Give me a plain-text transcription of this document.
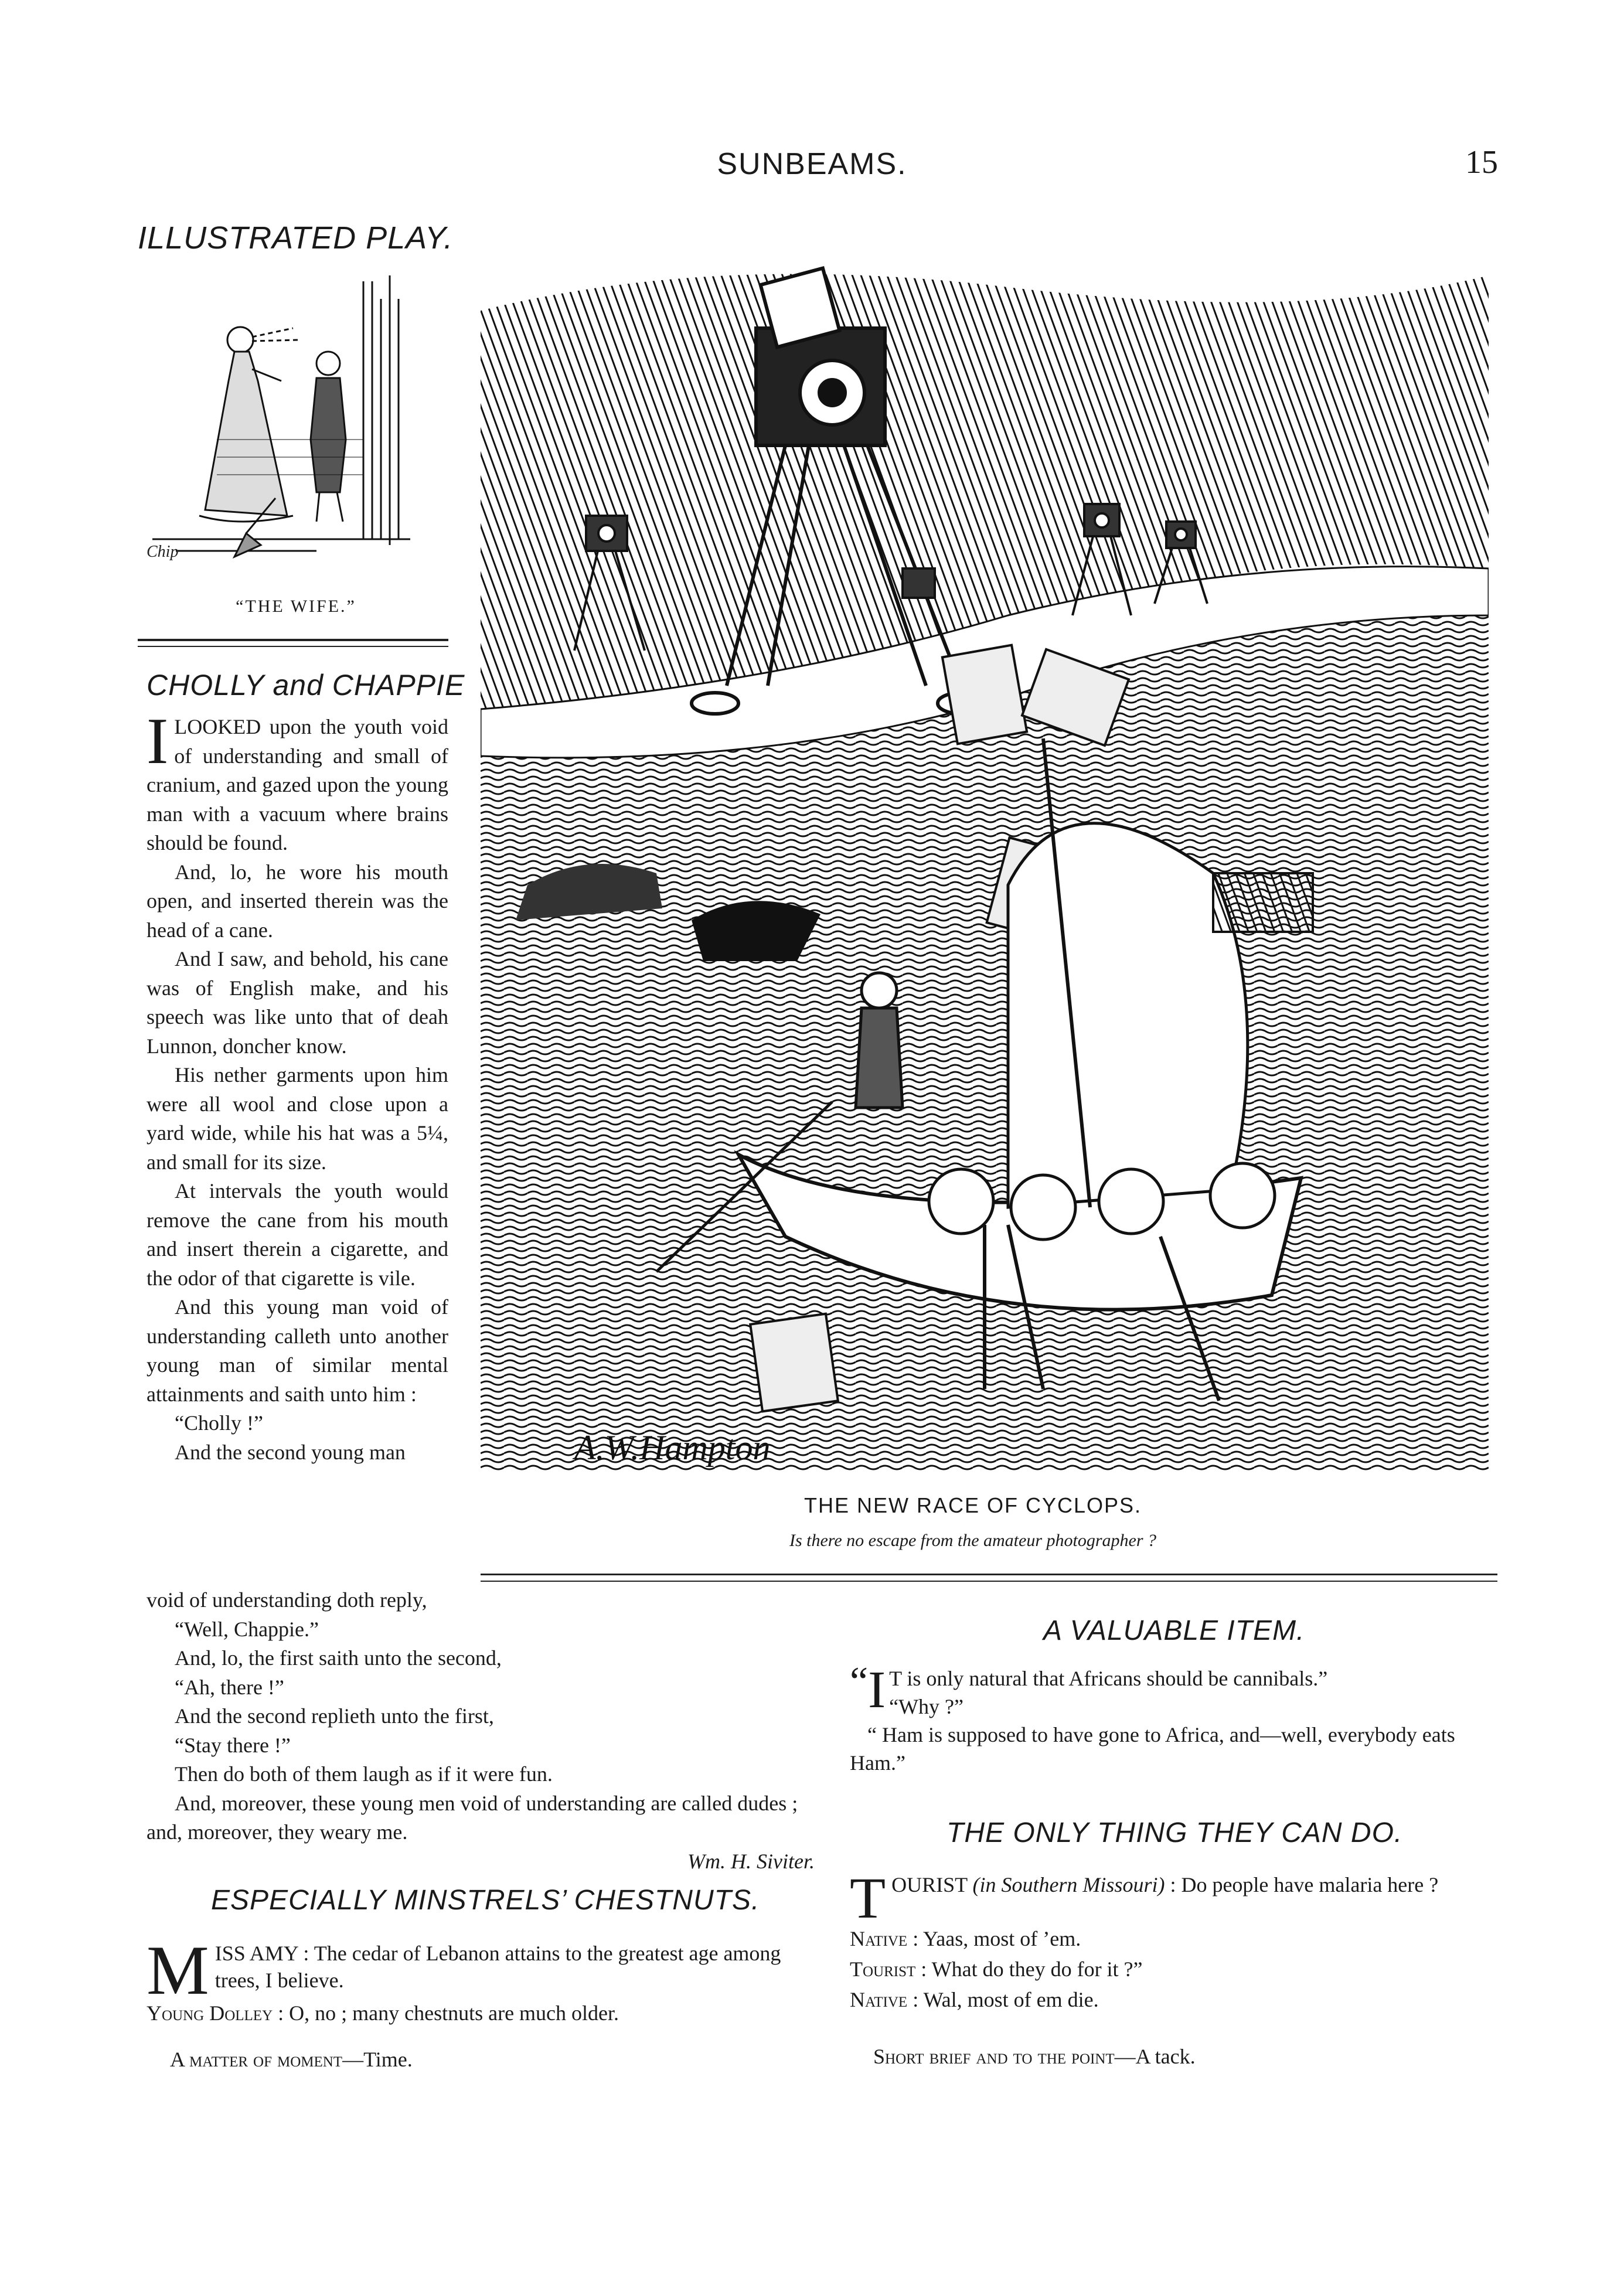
SUNBEAMS.	15
ILLUSTRATED PLAY.
Chip
“THE WIFE.”
CHOLLY and CHAPPIE

ILOOKED upon the youth void of understanding and small of cranium, and gazed upon the young man with a vacuum where brains should be found.

And, lo, he wore his mouth open, and inserted therein was the head of a cane.

And I saw, and behold, his cane was of English make, and his speech was like unto that of deah Lunnon, doncher know.

His nether garments upon him were all wool and close upon a yard wide, while his hat was a 5¼, and small for its size.

At intervals the youth would remove the cane from his mouth and insert therein a cigarette, and the odor of that cigarette is vile.

And this young man void of understanding calleth unto another young man of similar mental attainments and saith unto him :

“Cholly !”

And the second young man	A.W.Hampton
THE NEW RACE OF CYCLOPS.
Is there no escape from the amateur photographer ?

void of understanding doth reply,

“Well, Chappie.”

And, lo, the first saith unto the second,

“Ah, there !”

And the second replieth unto the first,

“Stay there !”

Then do both of them laugh as if it were fun.

And, moreover, these young men void of understanding are called dudes ; and, moreover, they weary me.

Wm. H. Siviter.

ESPECIALLY MINSTRELS’ CHESTNUTS.

MISS AMY : The cedar of Lebanon attains to the greatest age among trees, I believe.

Young Dolley : O, no ; many chestnuts are much older.

A matter of moment—Time.
A VALUABLE ITEM.

“ I T is only natural that Africans should be cannibals.”
“Why ?”

“ Ham is supposed to have gone to Africa, and—well, everybody eats Ham.”

THE ONLY THING THEY CAN DO.

TOURIST (in Southern Missouri) : Do people have malaria here ?

Native : Yaas, most of ’em.

Tourist : What do they do for it ?”

Native : Wal, most of em die.

Short brief and to the point—A tack.
